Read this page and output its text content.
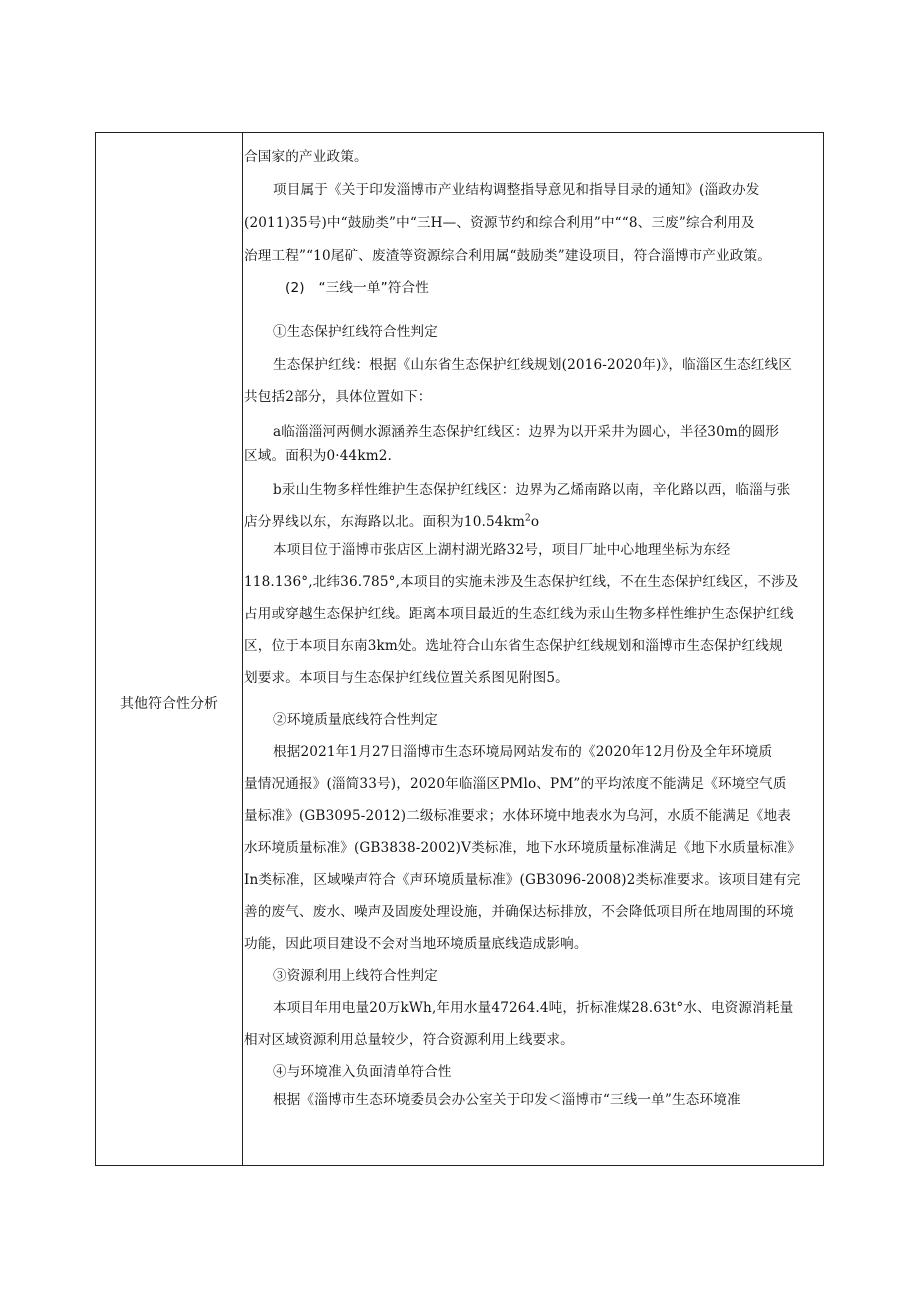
其他符合性分析
合国家的产业政策。
项目属于《关于印发淄博市产业结构调整指导意见和指导目录的通知》(淄政办发
(2011)35号)中“鼓励类”中“三H—、资源节约和综合利用”中““8、三废”综合利用及
治理工程”“10尾矿、废渣等资源综合利用属“鼓励类”建设项目，符合淄博市产业政策。
(2)　“三线一单”符合性
①生态保护红线符合性判定
生态保护红线：根据《山东省生态保护红线规划(2016-2020年)》，临淄区生态红线区
共包括2部分，具体位置如下：
a临淄淄河两侧水源涵养生态保护红线区：边界为以开采井为圆心，半径30m的圆形
区域。面积为0·44km2.
b汞山生物多样性维护生态保护红线区：边界为乙烯南路以南，辛化路以西，临淄与张
店分界线以东，东海路以北。面积为$10.54km^2o$
本项目位于淄博市张店区上湖村湖光路32号，项目厂址中心地理坐标为东经
118.136°,北纬36.785°,本项目的实施未涉及生态保护红线，不在生态保护红线区，不涉及
占用或穿越生态保护红线。距离本项目最近的生态红线为汞山生物多样性维护生态保护红线
区，位于本项目东南3km处。选址符合山东省生态保护红线规划和淄博市生态保护红线规
划要求。本项目与生态保护红线位置关系图见附图5。
②环境质量底线符合性判定
根据2021年1月27日淄博市生态环境局网站发布的《2020年12月份及全年环境质
量情况通报》(淄简33号)，2020年临淄区PMlo、PM”的平均浓度不能满足《环境空气质
量标准》(GB3095-2012)二级标准要求；水体环境中地表水为乌河，水质不能满足《地表
水环境质量标准》(GB3838-2002)V类标准，地下水环境质量标准满足《地下水质量标准》
In类标准，区域噪声符合《声环境质量标准》(GB3096-2008)2类标准要求。该项目建有完
善的废气、废水、噪声及固废处理设施，并确保达标排放，不会降低项目所在地周围的环境
功能，因此项目建设不会对当地环境质量底线造成影响。
③资源利用上线符合性判定
本项目年用电量20万kWh,年用水量47264.4吨，折标准煤28.63t°水、电资源消耗量
相对区域资源利用总量较少，符合资源利用上线要求。
④与环境准入负面清单符合性
根据《淄博市生态环境委员会办公室关于印发＜淄博市“三线一单”生态环境准
